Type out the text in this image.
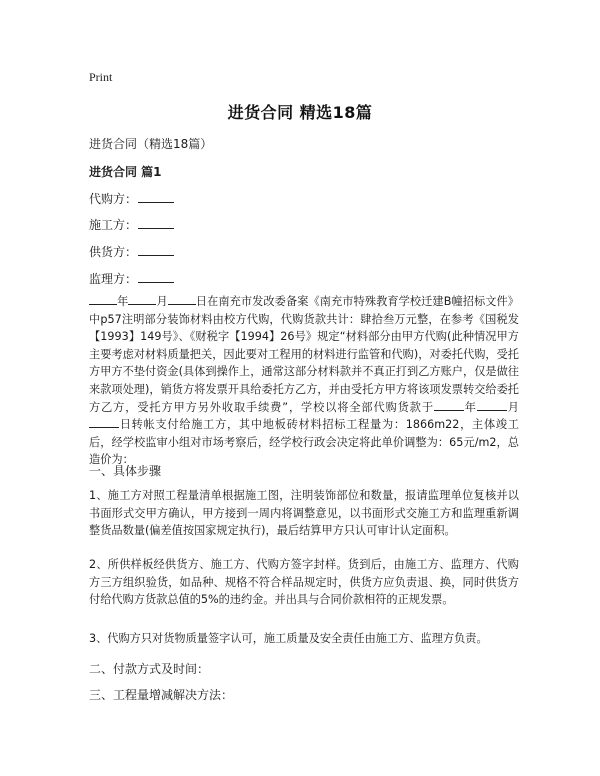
Print
进货合同 精选18篇
进货合同（精选18篇）
进货合同 篇1
代购方：
施工方：
供货方：
监理方：
年	月	日在南充市发改委备案《南充市特殊教育学校迁建B幢招标文件》中p57注明部分装饰材料由校方代购，代购货款共计：肆拾叁万元整，在参考《国税发【1993】149号》、《财税字【1994】26号》规定“材料部分由甲方代购(此种情况甲方主要考虑对材料质量把关，因此要对工程用的材料进行监管和代购)，对委托代购，受托方甲方不垫付资金(具体到操作上，通常这部分材料款并不真正打到乙方账户，仅是做往来款项处理)，销货方将发票开具给委托方乙方，并由受托方甲方将该项发票转交给委托方乙方，受托方甲方另外收取手续费”，学校以将全部代购货款于	年	月日转帐支付给施工方，其中地板砖材料招标工程量为：1866m22，主体竣工后，经学校监审小组对市场考察后，经学校行政会决定将此单价调整为：65元/m2，总造价为：
一、具体步骤
1、施工方对照工程量清单根据施工图，注明装饰部位和数量，报请监理单位复核并以书面形式交甲方确认，甲方接到一周内将调整意见，以书面形式交施工方和监理重新调整货品数量(偏差值按国家规定执行)，最后结算甲方只认可审计认定面积。
2、所供样板经供货方、施工方、代购方签字封样。货到后，由施工方、监理方、代购方三方组织验货，如品种、规格不符合样品规定时，供货方应负责退、换，同时供货方付给代购方货款总值的5%的违约金。并出具与合同价款相符的正规发票。
3、代购方只对货物质量签字认可，施工质量及安全责任由施工方、监理方负责。
二、付款方式及时间：
三、工程量增减解决方法：
